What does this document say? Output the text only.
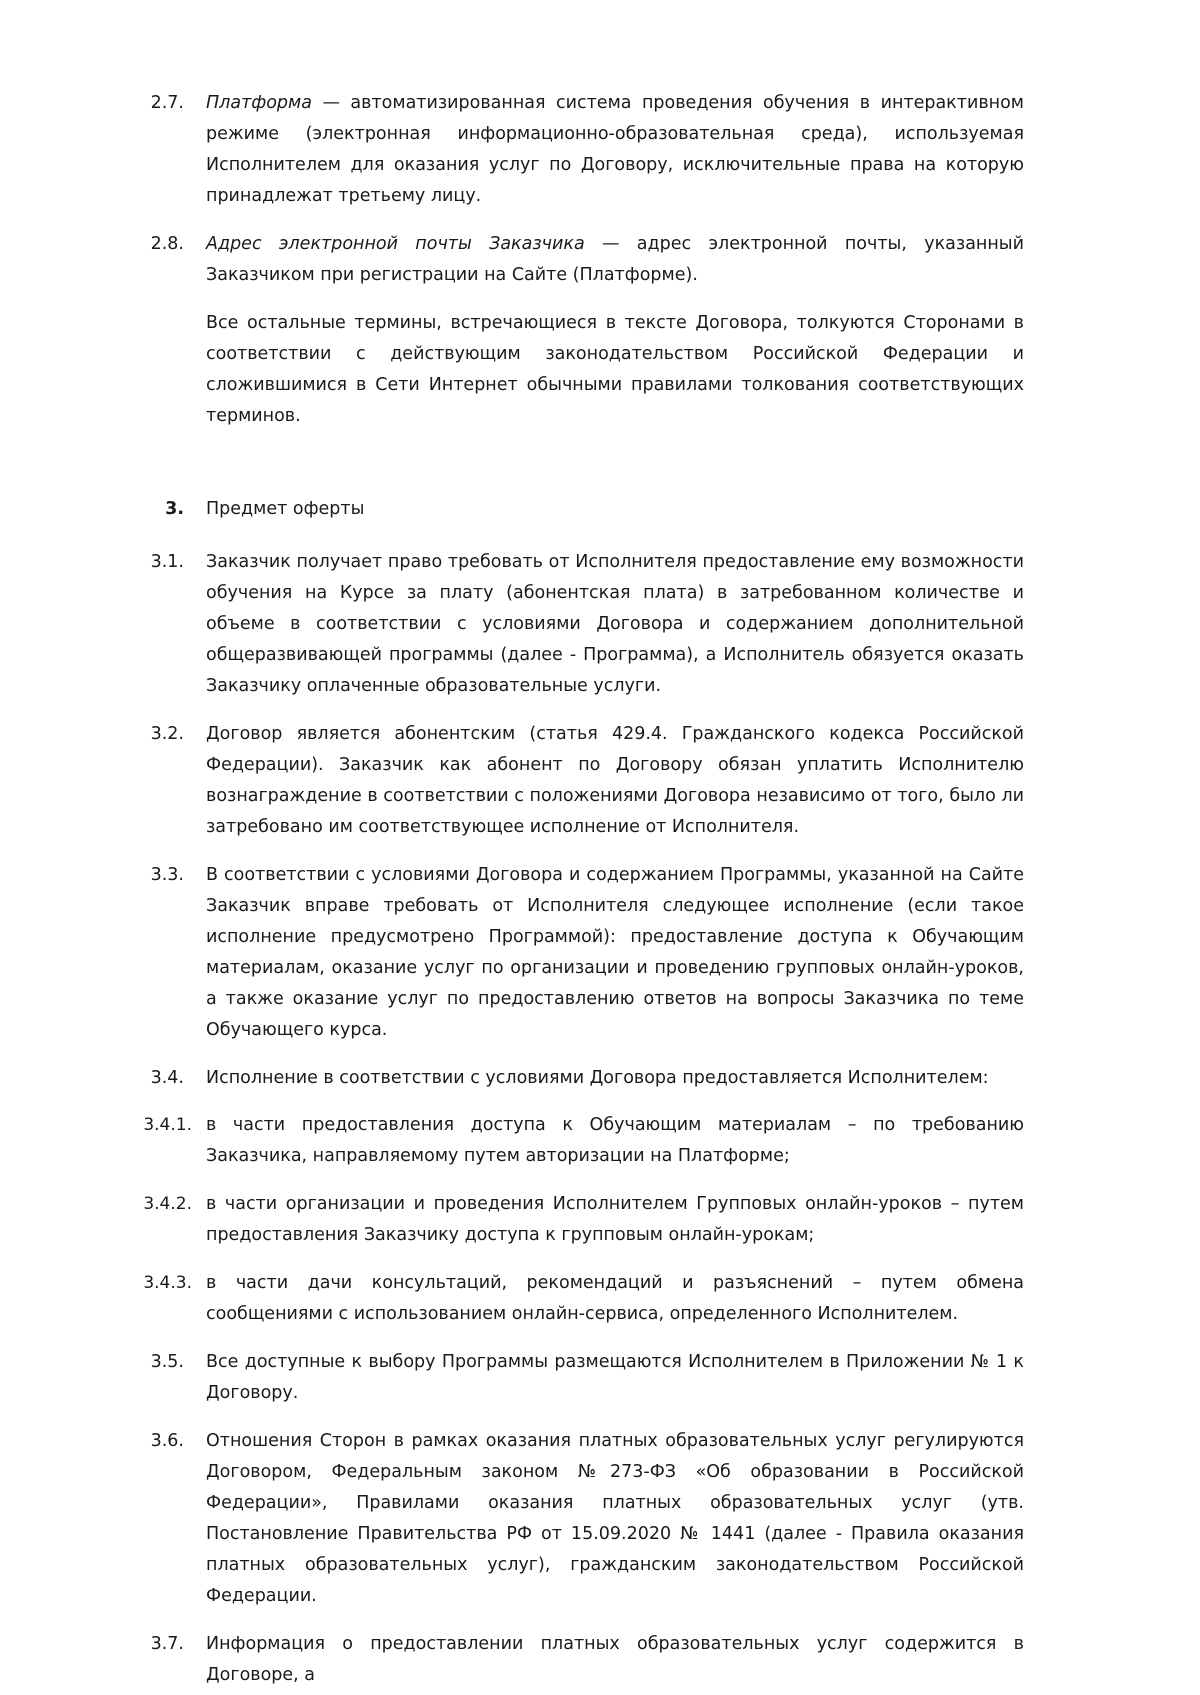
2.7.	Платформа — автоматизированная система проведения обучения в интерактивном режиме (электронная информационно-образовательная среда), используемая Исполнителем для оказания услуг по Договору, исключительные права на которую принадлежат третьему лицу.
2.8.	Адрес электронной почты Заказчика — адрес электронной почты, указанный Заказчиком при регистрации на Сайте (Платформе).
Все остальные термины, встречающиеся в тексте Договора, толкуются Сторонами в соответствии с действующим законодательством Российской Федерации и сложившимися в Сети Интернет обычными правилами толкования соответствующих терминов.
3.	Предмет оферты
3.1.	Заказчик получает право требовать от Исполнителя предоставление ему возможности обучения на Курсе за плату (абонентская плата) в затребованном количестве и объеме в соответствии с условиями Договора и содержанием дополнительной общеразвивающей программы (далее - Программа), а Исполнитель обязуется оказать Заказчику оплаченные образовательные услуги.
3.2.	Договор является абонентским (статья 429.4. Гражданского кодекса Российской Федерации). Заказчик как абонент по Договору обязан уплатить Исполнителю вознаграждение в соответствии с положениями Договора независимо от того, было ли затребовано им соответствующее исполнение от Исполнителя.
3.3.	В соответствии с условиями Договора и содержанием Программы, указанной на Сайте Заказчик вправе требовать от Исполнителя следующее исполнение (если такое исполнение предусмотрено Программой): предоставление доступа к Обучающим материалам, оказание услуг по организации и проведению групповых онлайн-уроков, а также оказание услуг по предоставлению ответов на вопросы Заказчика по теме Обучающего курса.
3.4.	Исполнение в соответствии с условиями Договора предоставляется Исполнителем:
3.4.1. в части предоставления доступа к Обучающим материалам – по требованию Заказчика, направляемому путем авторизации на Платформе;
3.4.2. в части организации и проведения Исполнителем Групповых онлайн-уроков – путем предоставления Заказчику доступа к групповым онлайн-урокам;
3.4.3. в части дачи консультаций, рекомендаций и разъяснений – путем обмена сообщениями с использованием онлайн-сервиса, определенного Исполнителем.
3.5.	Все доступные к выбору Программы размещаются Исполнителем в Приложении № 1 к Договору.
3.6.	Отношения Сторон в рамках оказания платных образовательных услуг регулируются Договором, Федеральным законом №273-ФЗ «Об образовании в Российской Федерации», Правилами оказания платных образовательных услуг (утв. Постановление Правительства РФ от 15.09.2020 № 1441 (далее - Правила оказания платных образовательных услуг), гражданским законодательством Российской Федерации.
3.7.	Информация о предоставлении платных образовательных услуг содержится в Договоре, а
